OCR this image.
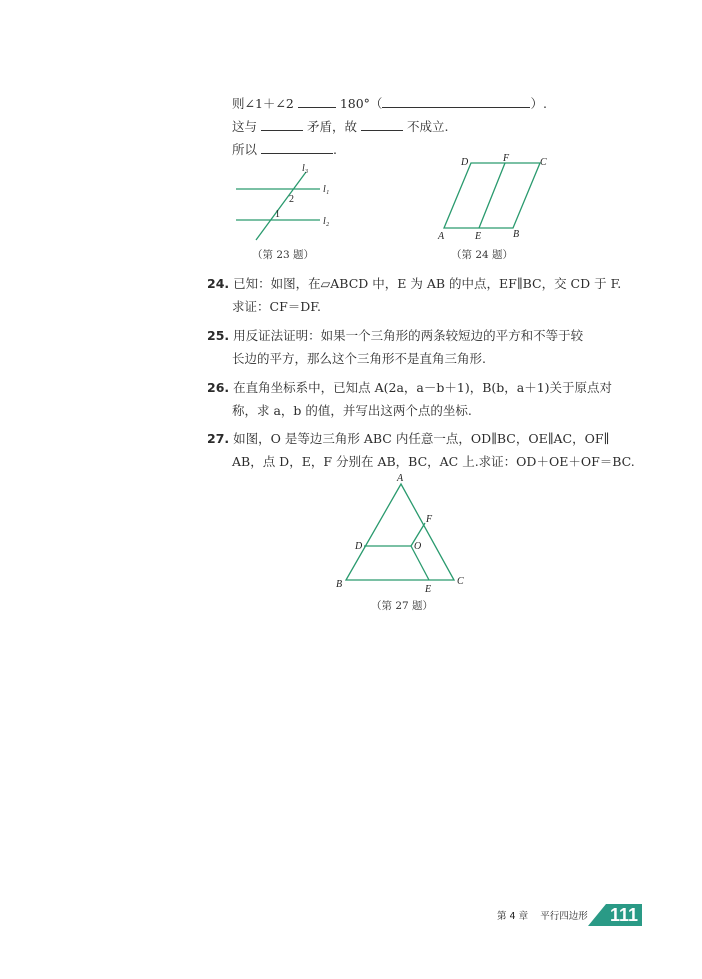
则∠1＋∠2	180°（	）.
这与	矛盾，故	不成立.
所以	.
l₃
l₁
l₂
2
1
（第 23 题）
D	F	C
A	E	B
（第 24 题）
A
F
D	O
B	E
C
（第 27 题）
24. 已知：如图，在▱ABCD 中，E 为 AB 的中点，EF∥BC，交 CD 于 F.
求证：CF＝DF.
25. 用反证法证明：如果一个三角形的两条较短边的平方和不等于较
长边的平方，那么这个三角形不是直角三角形.
26. 在直角坐标系中，已知点 A(2a，a－b＋1)，B(b，a＋1)关于原点对
称，求 a，b 的值，并写出这两个点的坐标.
27. 如图，O 是等边三角形 ABC 内任意一点，OD∥BC，OE∥AC，OF∥
AB，点 D，E，F 分别在 AB，BC，AC 上.求证：OD＋OE＋OF＝BC.
第 4 章 平行四边形 111
